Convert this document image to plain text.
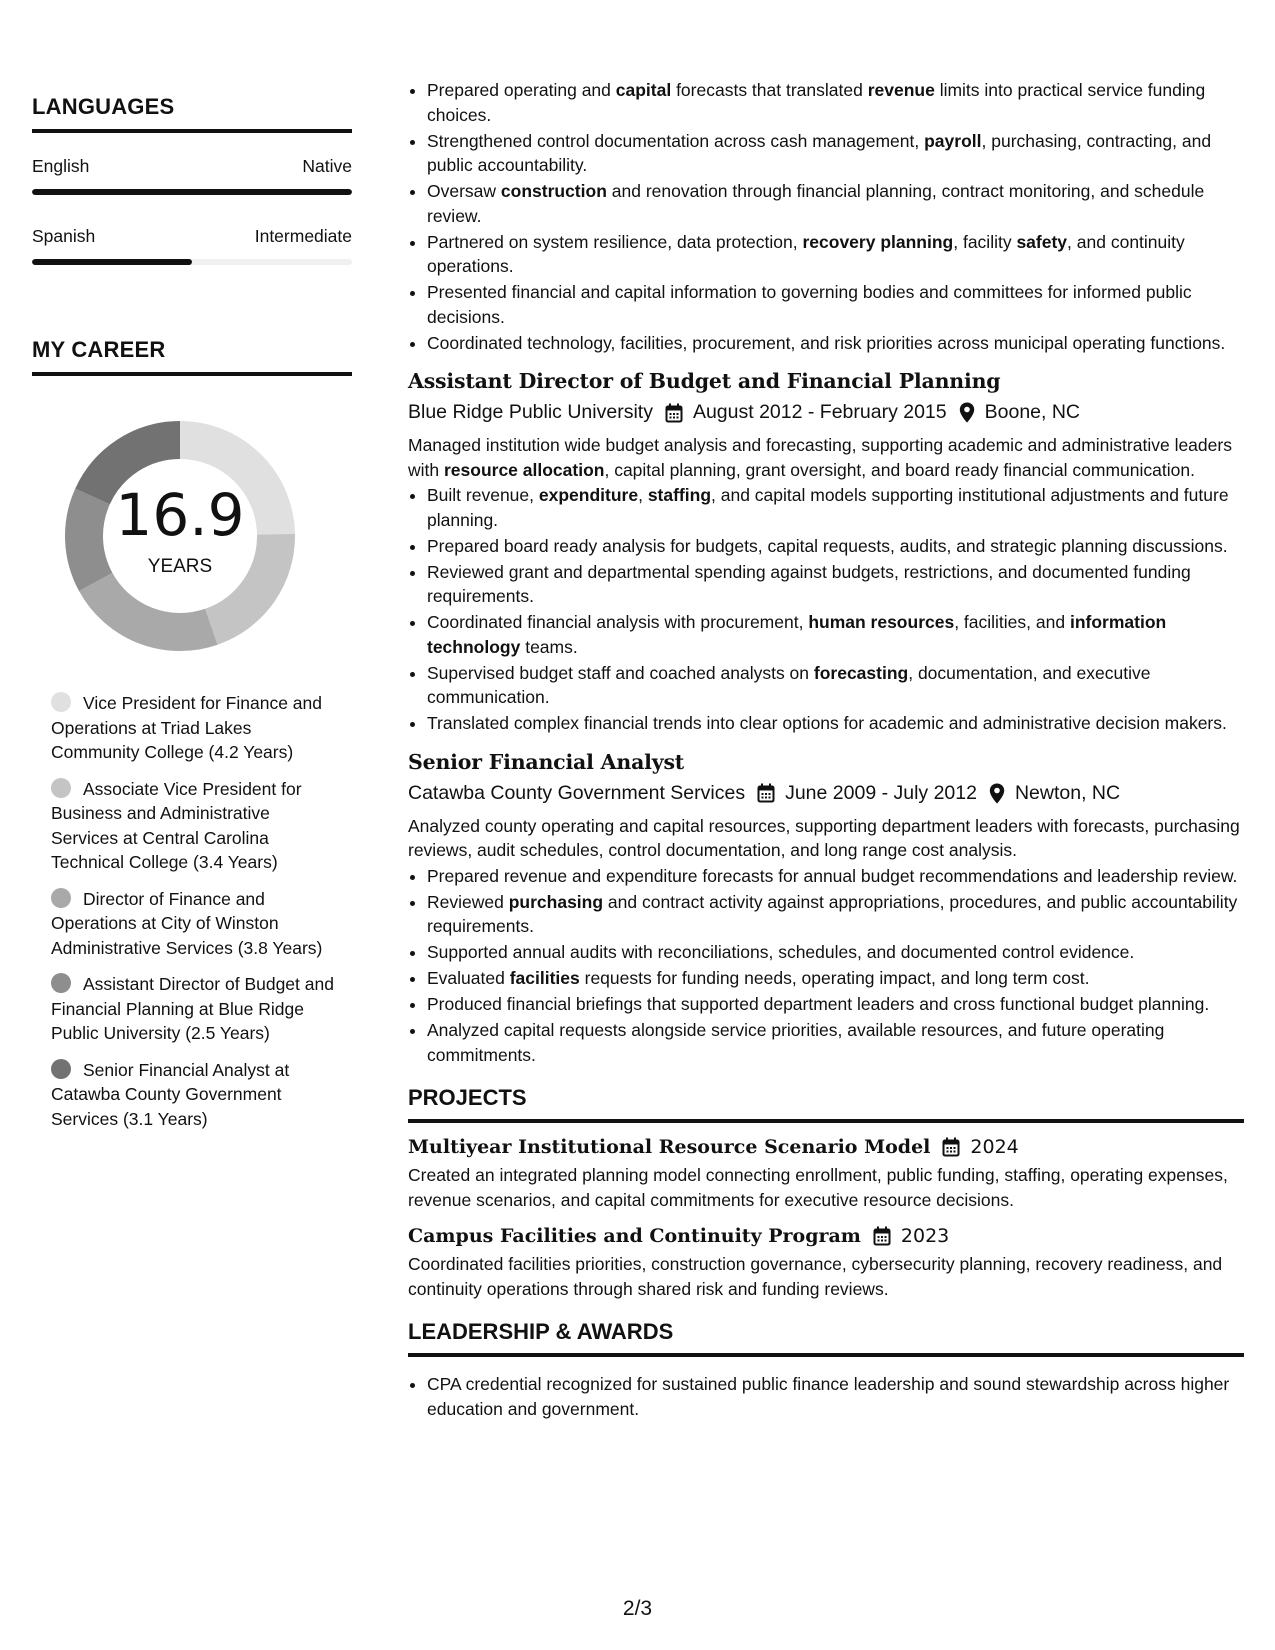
LANGUAGES
English	Native
Spanish	Intermediate
MY CAREER
16.9
YEARS
Vice President for Finance and Operations at Triad Lakes Community College (4.2 Years)
Associate Vice President for Business and Administrative Services at Central Carolina Technical College (3.4 Years)
Director of Finance and Operations at City of Winston Administrative Services (3.8 Years)
Assistant Director of Budget and Financial Planning at Blue Ridge Public University (2.5 Years)
Senior Financial Analyst at Catawba County Government Services (3.1 Years)
• Prepared operating and capital forecasts that translated revenue limits into practical service funding choices.
• Strengthened control documentation across cash management, payroll, purchasing, contracting, and public accountability.
• Oversaw construction and renovation through financial planning, contract monitoring, and schedule review.
• Partnered on system resilience, data protection, recovery planning, facility safety, and continuity operations.
• Presented financial and capital information to governing bodies and committees for informed public decisions.
• Coordinated technology, facilities, procurement, and risk priorities across municipal operating functions.
Assistant Director of Budget and Financial Planning
Blue Ridge Public University August 2012 - February 2015 Boone, NC
Managed institution wide budget analysis and forecasting, supporting academic and administrative leaders with resource allocation, capital planning, grant oversight, and board ready financial communication.
• Built revenue, expenditure, staffing, and capital models supporting institutional adjustments and future planning.
• Prepared board ready analysis for budgets, capital requests, audits, and strategic planning discussions.
• Reviewed grant and departmental spending against budgets, restrictions, and documented funding requirements.
• Coordinated financial analysis with procurement, human resources, facilities, and information technology teams.
• Supervised budget staff and coached analysts on forecasting, documentation, and executive communication.
• Translated complex financial trends into clear options for academic and administrative decision makers.
Senior Financial Analyst
Catawba County Government Services June 2009 - July 2012 Newton, NC
Analyzed county operating and capital resources, supporting department leaders with forecasts, purchasing reviews, audit schedules, control documentation, and long range cost analysis.
• Prepared revenue and expenditure forecasts for annual budget recommendations and leadership review.
• Reviewed purchasing and contract activity against appropriations, procedures, and public accountability requirements.
• Supported annual audits with reconciliations, schedules, and documented control evidence.
• Evaluated facilities requests for funding needs, operating impact, and long term cost.
• Produced financial briefings that supported department leaders and cross functional budget planning.
• Analyzed capital requests alongside service priorities, available resources, and future operating commitments.
PROJECTS
Multiyear Institutional Resource Scenario Model 2024
Created an integrated planning model connecting enrollment, public funding, staffing, operating expenses, revenue scenarios, and capital commitments for executive resource decisions.
Campus Facilities and Continuity Program 2023
Coordinated facilities priorities, construction governance, cybersecurity planning, recovery readiness, and continuity operations through shared risk and funding reviews.
LEADERSHIP & AWARDS
• CPA credential recognized for sustained public finance leadership and sound stewardship across higher education and government.
2/3
